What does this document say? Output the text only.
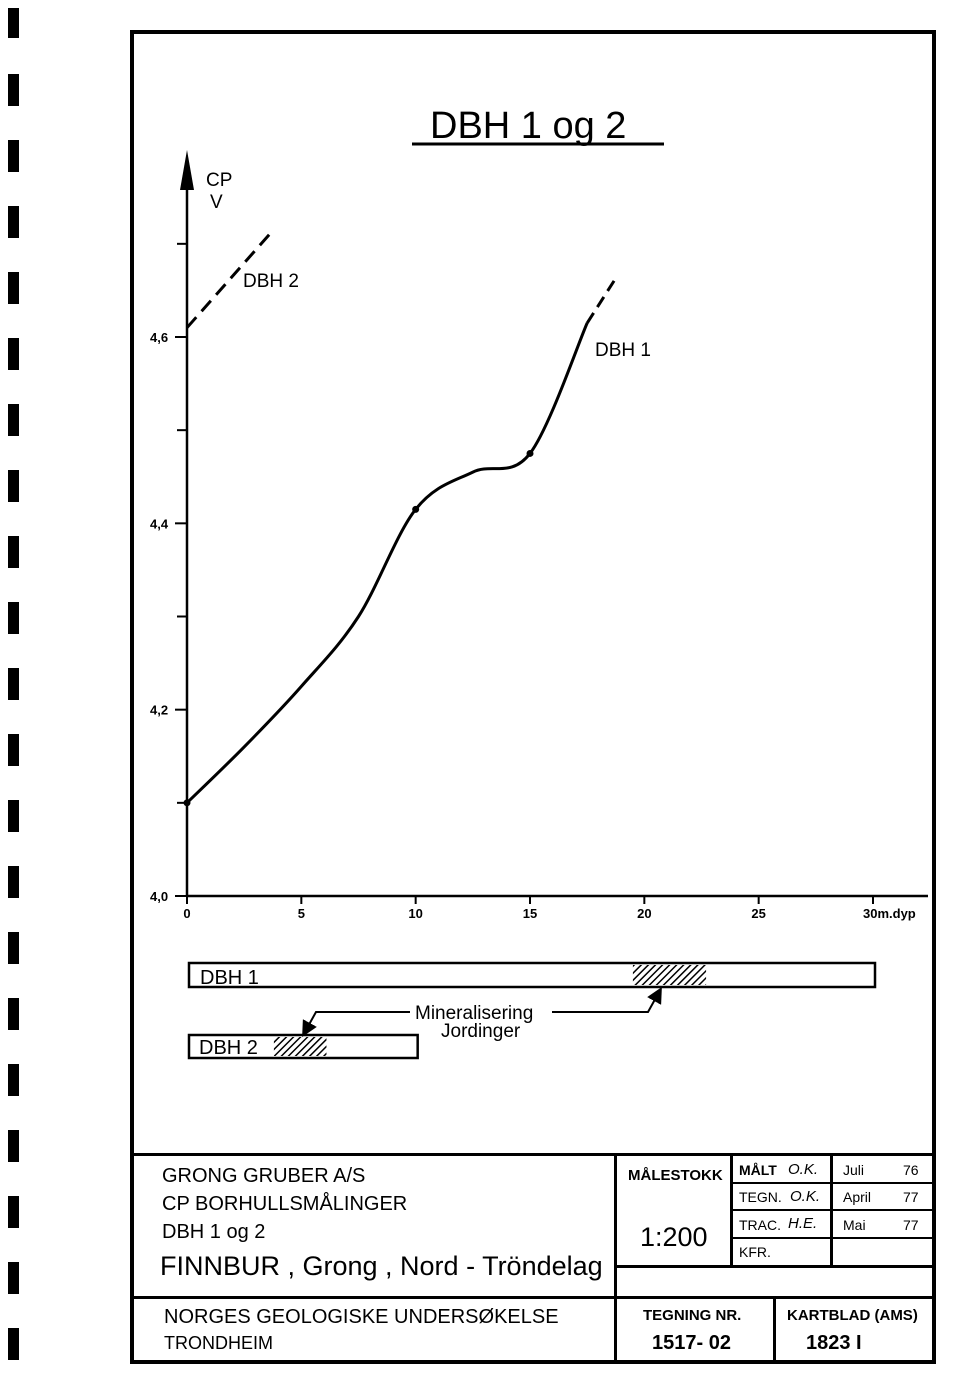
DBH 1 og 2
CP
V
4,0
4,2
4,4
4,6
0	5	10	15	20	25	30m.dyp
DBH 1
DBH 2
DBH 1
DBH 2
Mineralisering
Jordinger
GRONG GRUBER A/S
CP BORHULLSMÅLINGER
DBH 1 og 2
FINNBUR , Grong , Nord - Tröndelag
MÅLESTOKK
1:200
MÅLT O.K. Juli	76
TEGN. O.K. April 77
TRAC. H.E. Mai	77
KFR.
NORGES GEOLOGISKE UNDERSØKELSE
TRONDHEIM
TEGNING NR.
1517- 02
KARTBLAD (AMS)
1823 I
